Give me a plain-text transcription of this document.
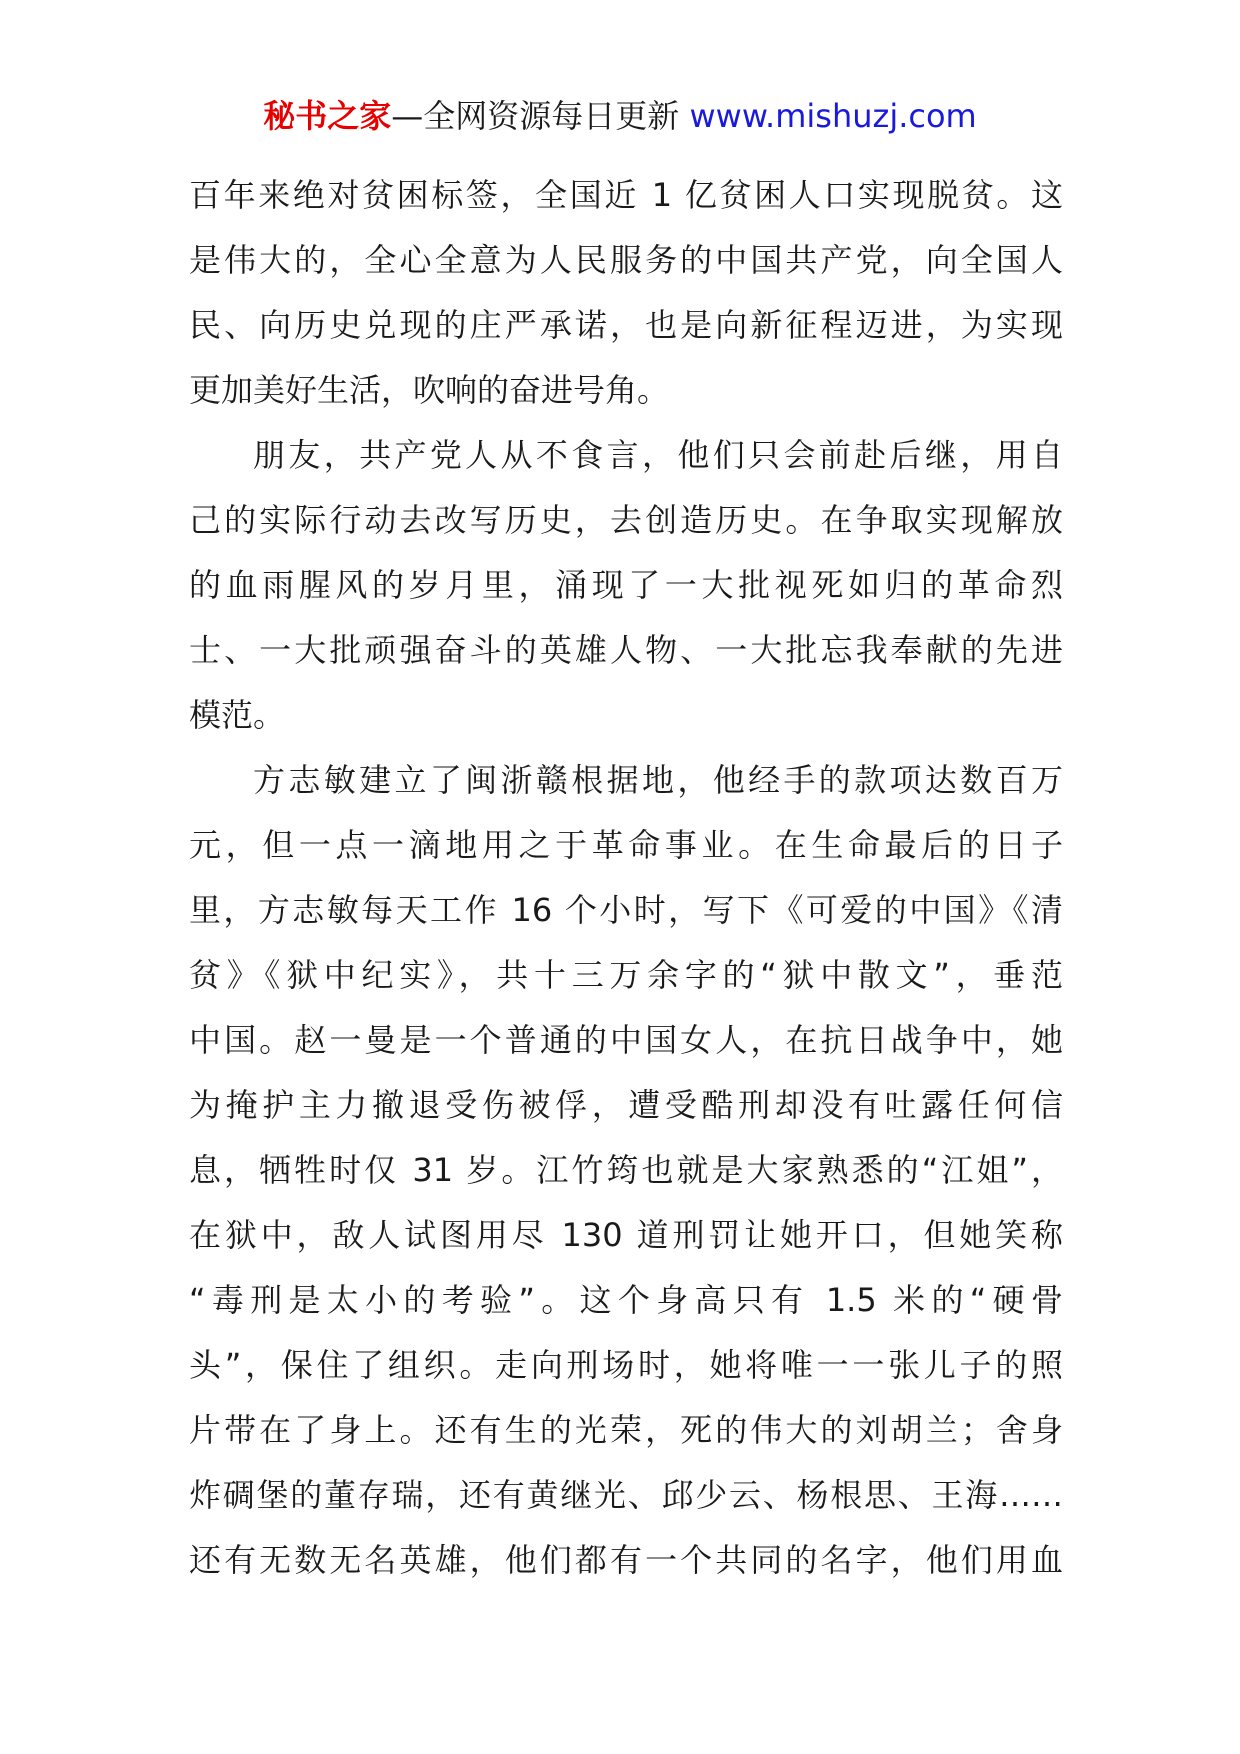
秘书之家—全网资源每日更新 www.mishuzj.com
百年来绝对贫困标签，全国近 1 亿贫困人口实现脱贫。这
是伟大的，全心全意为人民服务的中国共产党，向全国人
民、向历史兑现的庄严承诺，也是向新征程迈进，为实现
更加美好生活，吹响的奋进号角。
朋友，共产党人从不食言，他们只会前赴后继，用自
己的实际行动去改写历史，去创造历史。在争取实现解放
的血雨腥风的岁月里，涌现了一大批视死如归的革命烈
士、一大批顽强奋斗的英雄人物、一大批忘我奉献的先进
模范。
方志敏建立了闽浙赣根据地，他经手的款项达数百万
元，但一点一滴地用之于革命事业。在生命最后的日子
里，方志敏每天工作 16 个小时，写下《可爱的中国》《清
贫》《狱中纪实》，共十三万余字的“狱中散文”，垂范
中国。赵一曼是一个普通的中国女人，在抗日战争中，她
为掩护主力撤退受伤被俘，遭受酷刑却没有吐露任何信
息，牺牲时仅 31 岁。江竹筠也就是大家熟悉的“江姐”，
在狱中，敌人试图用尽 130 道刑罚让她开口，但她笑称
“毒刑是太小的考验”。这个身高只有 1.5 米的“硬骨
头”，保住了组织。走向刑场时，她将唯一一张儿子的照
片带在了身上。还有生的光荣，死的伟大的刘胡兰；舍身
炸碉堡的董存瑞，还有黄继光、邱少云、杨根思、王海……
还有无数无名英雄，他们都有一个共同的名字，他们用血
